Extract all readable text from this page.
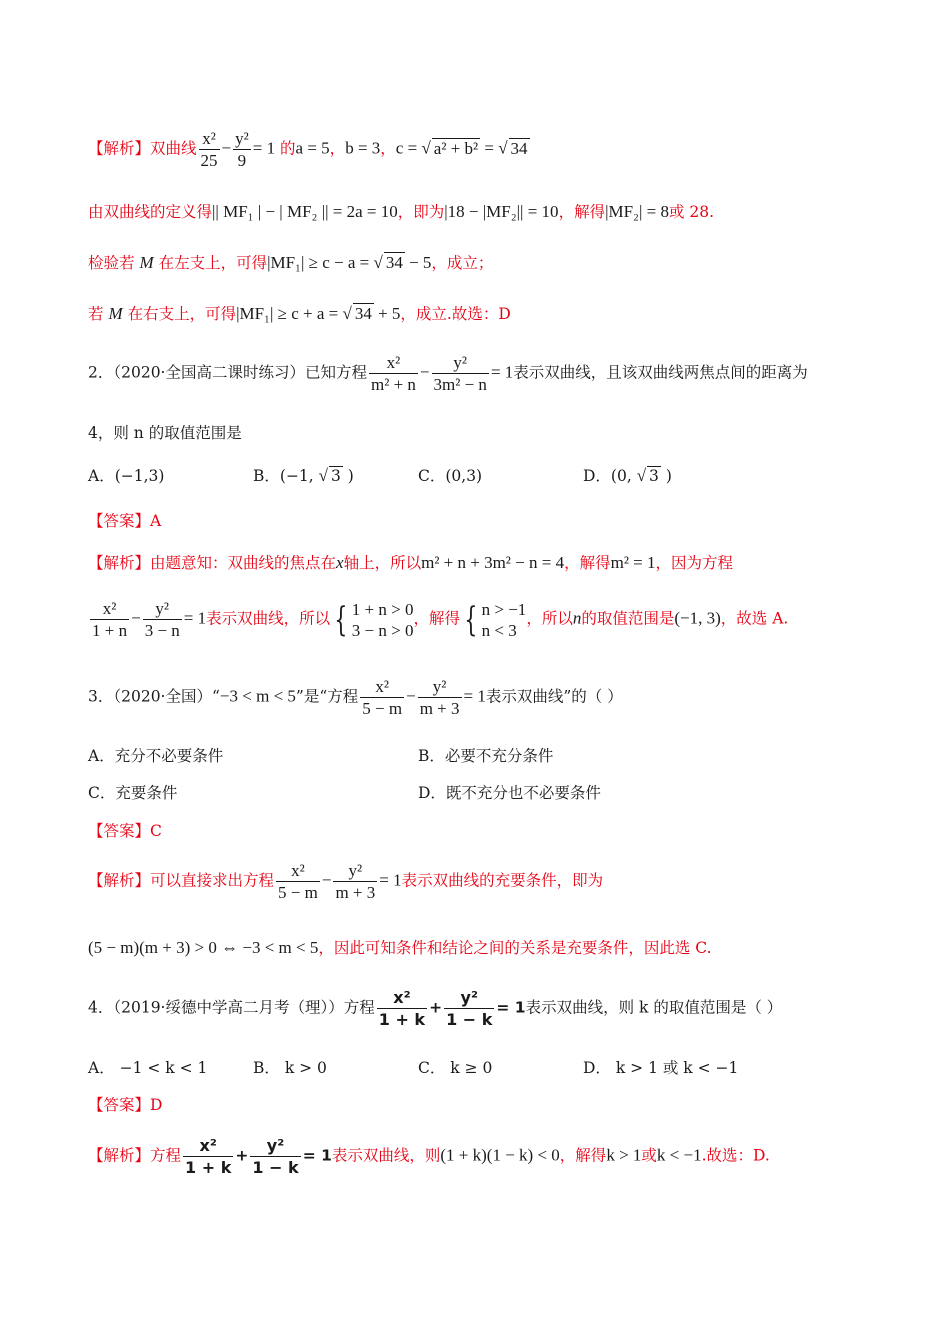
【解析】双曲线 $\frac{\text{x²}}{25} - \frac{\text{y²}}{9} = 1$ 的a = 5，b = 3，c = √ a² + b² = √ 34
由双曲线的定义得|| MF₁ | − | MF₂ || = 2a = 10，即为|18 − |MF₂|| = 10，解得|MF₂| = 8或 28.
检验若 M 在左支上，可得|MF₁| ≥ c − a = √ 34 − 5，成立；
若 M 在右支上，可得|MF₁| ≥ c + a = √ 34 + 5，成立.故选：D
2．（2020·全国高二课时练习）已知方程 $\frac{\text{x²}}{\text{m² + n}} - \frac{\text{y²}}{\text{3m² − n}} = 1$表示双曲线，且该双曲线两焦点间的距离为
4，则 n 的取值范围是
A．(−1,3)	B．(−1, √ 3 )	C．(0,3)	D．(0, √ 3 )
【答案】A
【解析】由题意知：双曲线的焦点在x轴上，所以m² + n + 3m² − n = 4，解得m² = 1，因为方程
$\frac{\text{x²}}{1 + n} - \frac{\text{y²}}{3 - n} = 1$表示双曲线，所以 { 1 + n > 0
3 − n > 0
，解得 { n > −1
n < 3
，所以n的取值范围是(−1, 3)，故选 A.
3．（2020·全国）“−3 < m < 5”是“方程 $\frac{\text{x²}}{5 - m} - \frac{\text{y²}}{m + 3} = 1$表示双曲线”的（ ）
A．充分不必要条件	B．必要不充分条件
C．充要条件	D．既不充分也不必要条件
【答案】C
【解析】可以直接求出方程 $\frac{\text{x²}}{5 - m} - \frac{\text{y²}}{m + 3} = 1$表示双曲线的充要条件，即为
(5 − m)(m + 3) > 0 ⇔ −3 < m < 5，因此可知条件和结论之间的关系是充要条件，因此选 C.
4．（2019·绥德中学高二月考（理））方程 $\frac{\text{x²}}{1 + k} + \frac{\text{y²}}{1 - k} = 1$表示双曲线，则 k 的取值范围是（ ）
A． −1 < k < 1	B． k > 0	C． k ≥ 0	D． k > 1 或 k < −1
【答案】D
【解析】方程 $\frac{\text{x²}}{1 + k} + \frac{\text{y²}}{1 - k} = 1$表示双曲线，则(1 + k)(1 − k) < 0，解得k > 1或k < −1.故选：D.
